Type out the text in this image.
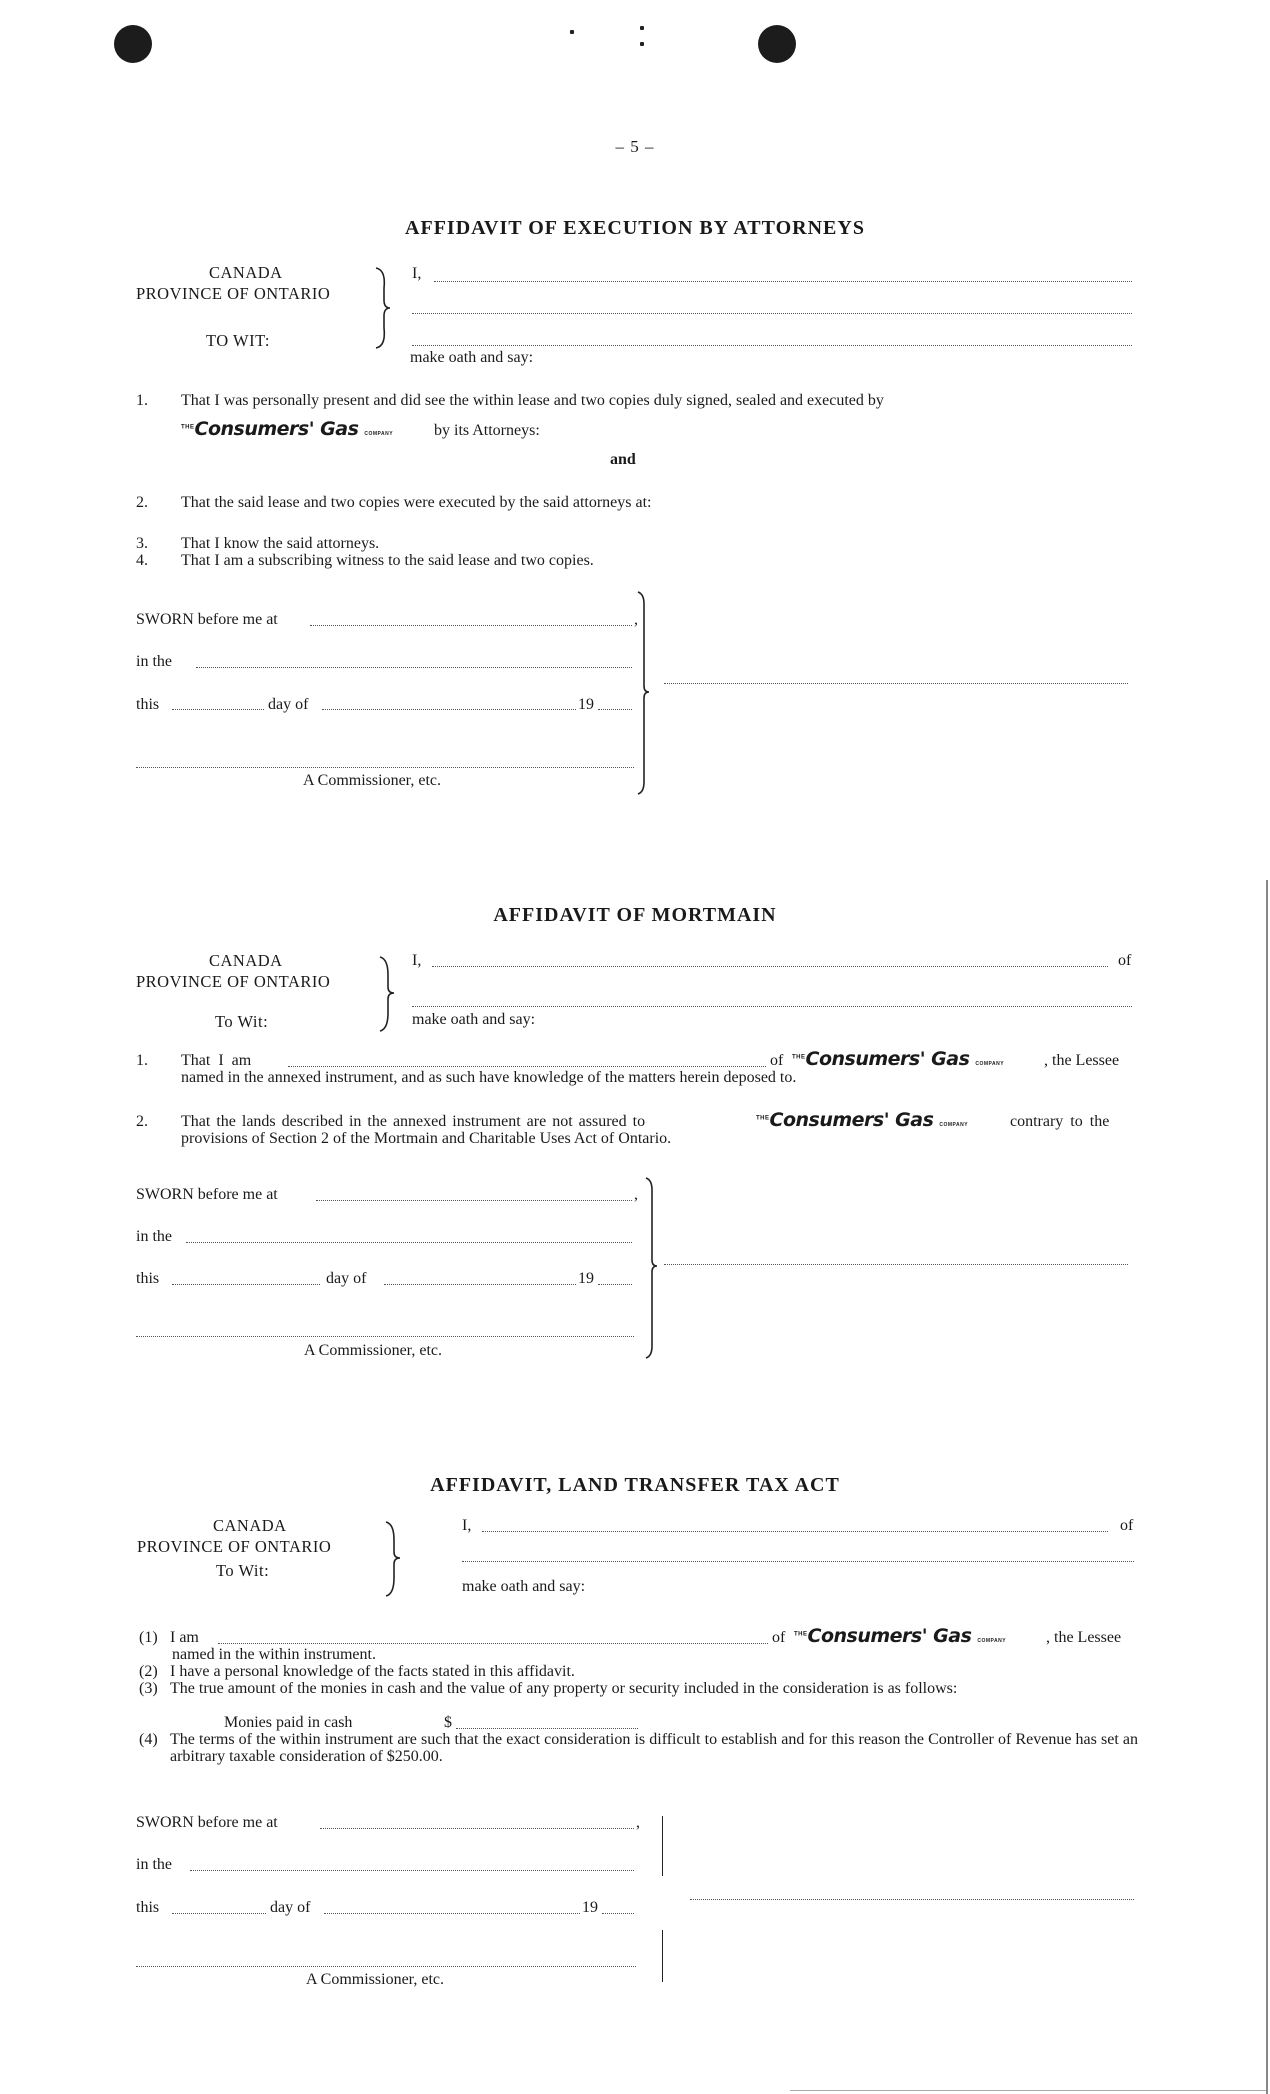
– 5 –
AFFIDAVIT OF EXECUTION BY ATTORNEYS
CANADA
PROVINCE OF ONTARIO
TO WIT:
I,
make oath and say:
1. That I was personally present and did see the within lease and two copies duly signed, sealed and executed by
$^{THE}$Consumers' Gas COMPANY	by its Attorneys:
and
2. That the said lease and two copies were executed by the said attorneys at:
3. That I know the said attorneys.
4. That I am a subscribing witness to the said lease and two copies.
SWORN before me at	,
in the
this	day of	19
A Commissioner, etc.
AFFIDAVIT OF MORTMAIN
CANADA
PROVINCE OF ONTARIO
To Wit:
I,	of
make oath and say:
1. That I am	of $^{THE}$Consumers' Gas COMPANY , the Lessee
named in the annexed instrument, and as such have knowledge of the matters herein deposed to.
2. That the lands described in the annexed instrument are not assured to	$^{THE}$Consumers' Gas COMPANY	contrary to the
provisions of Section 2 of the Mortmain and Charitable Uses Act of Ontario.
SWORN before me at	,
in the
this	day of	19
A Commissioner, etc.
AFFIDAVIT, LAND TRANSFER TAX ACT
CANADA
PROVINCE OF ONTARIO
To Wit:
I,	of
make oath and say:
(1) I am	of $^{THE}$Consumers' Gas COMPANY , the Lessee
named in the within instrument.
(2) I have a personal knowledge of the facts stated in this affidavit.
(3) The true amount of the monies in cash and the value of any property or security included in the consideration is as follows:
Monies paid in cash	$
(4) The terms of the within instrument are such that the exact consideration is difficult to establish and for this reason the Controller of Revenue has set an arbitrary taxable consideration of $250.00.
SWORN before me at	,
in the
this	day of	19
A Commissioner, etc.
